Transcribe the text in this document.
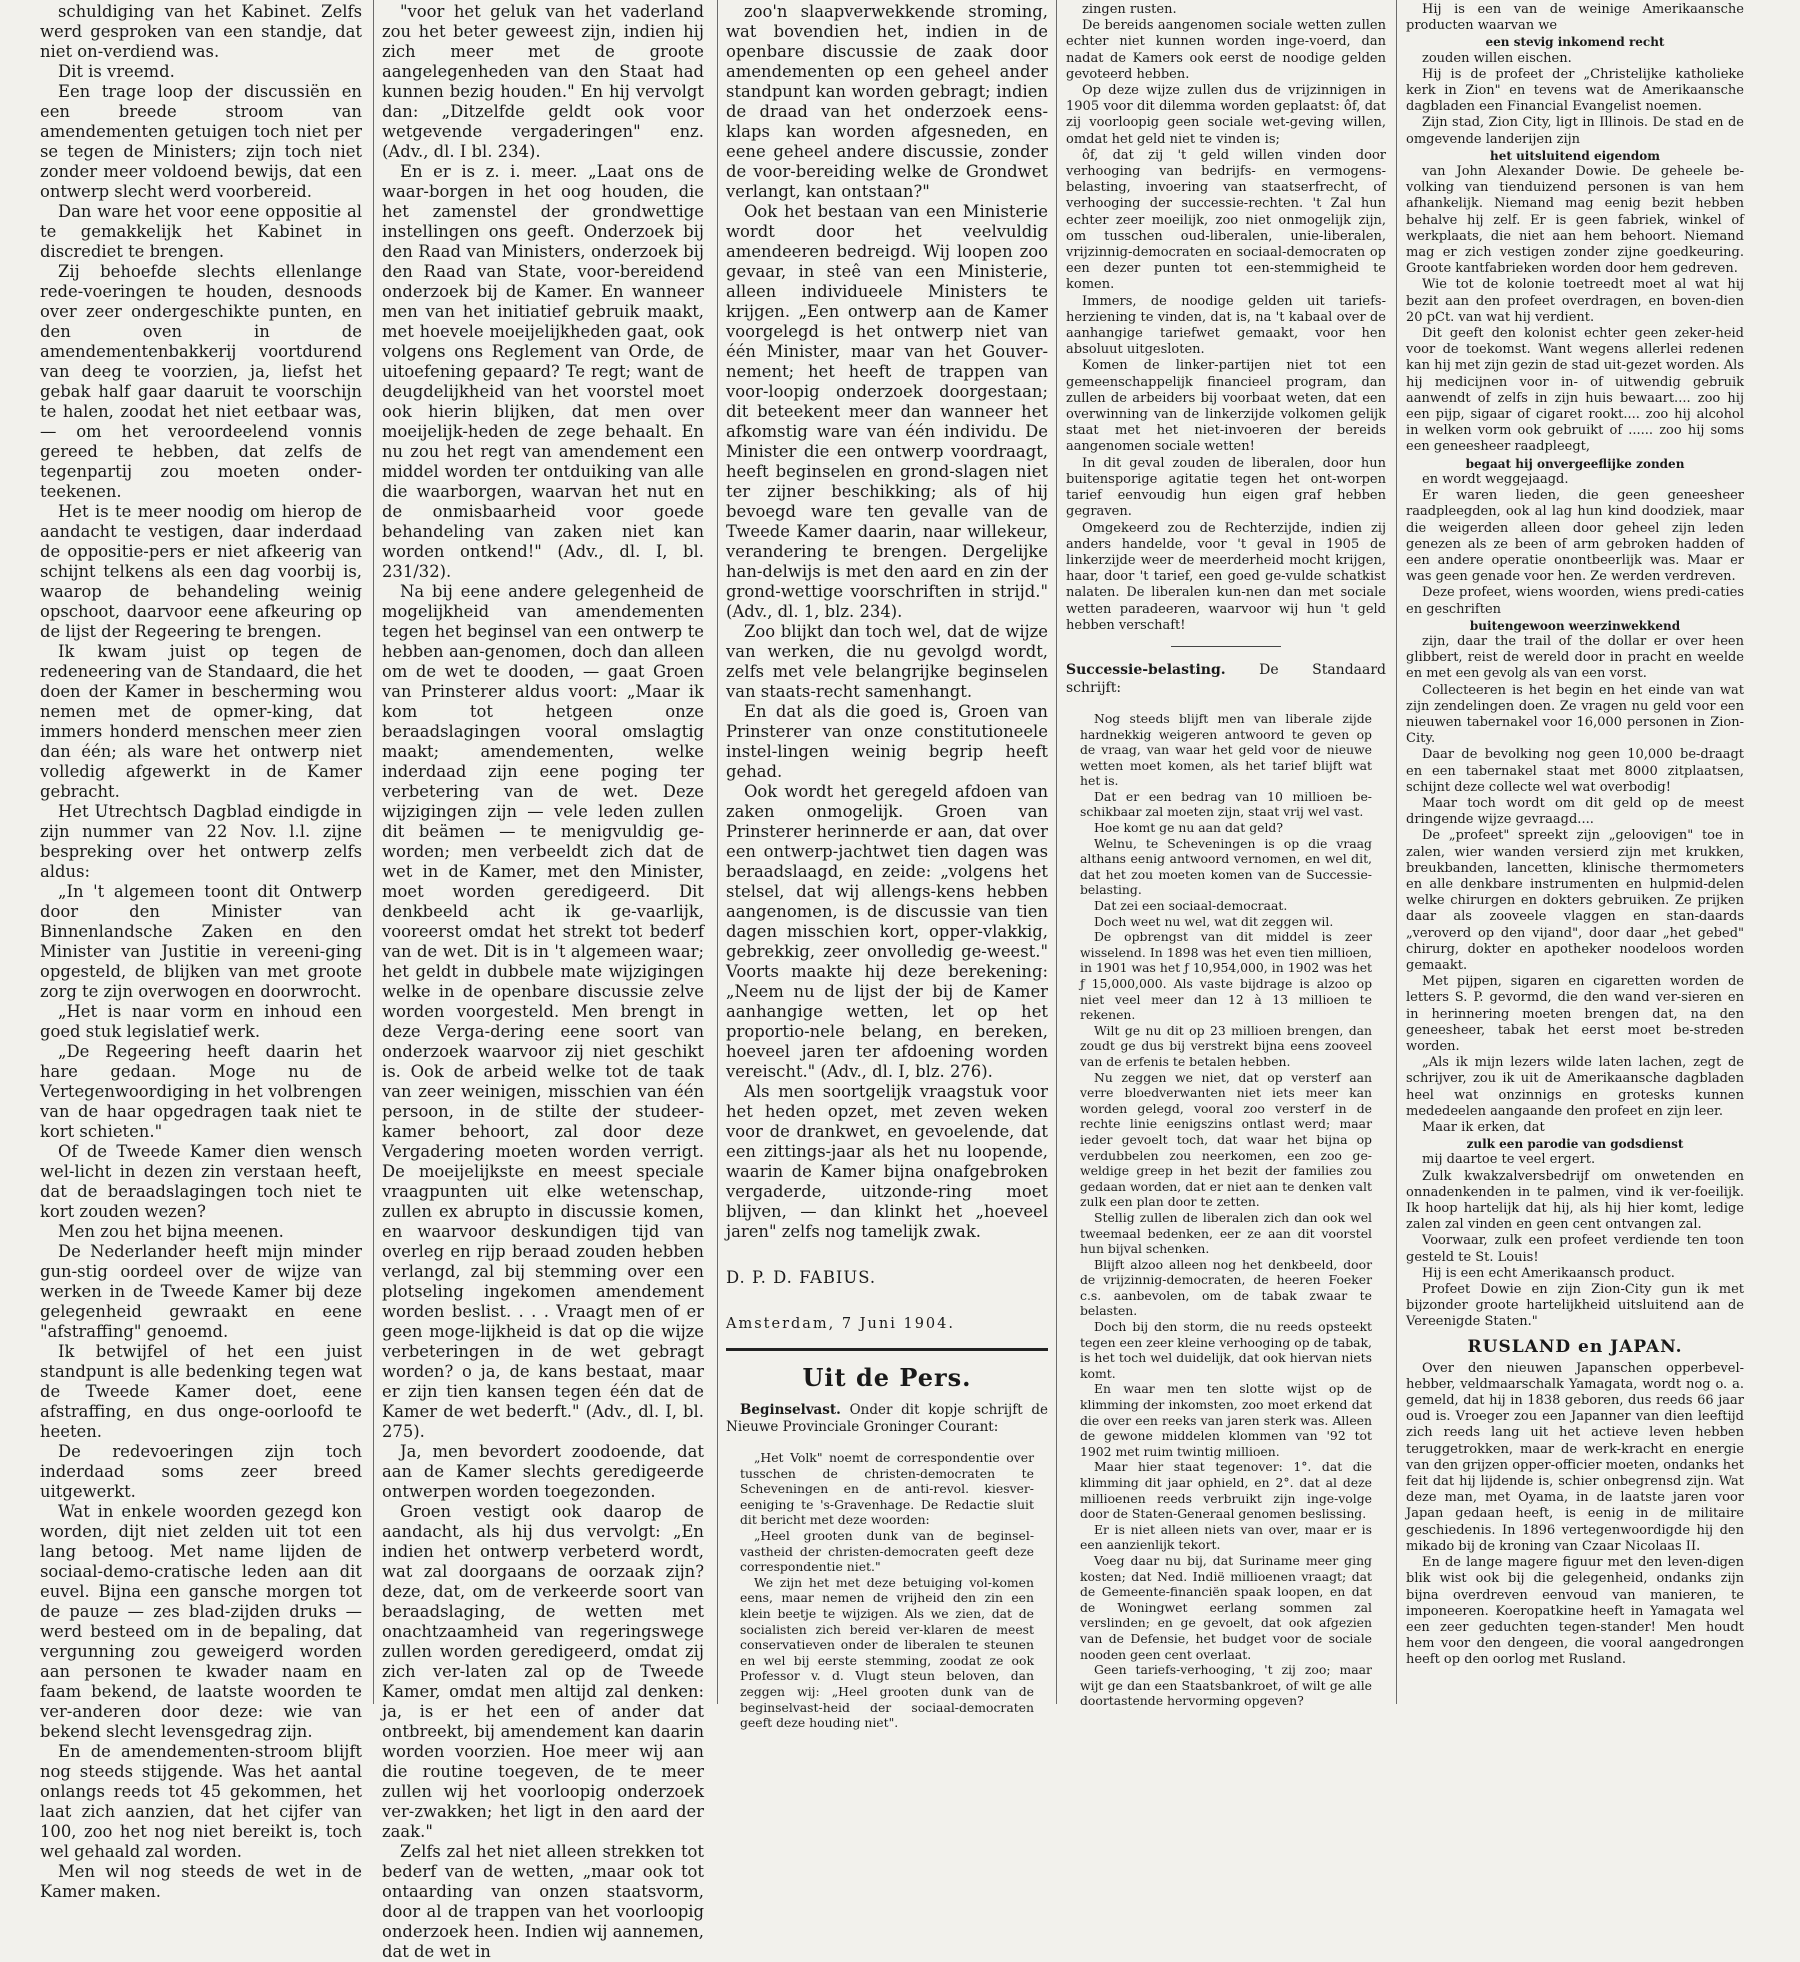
schuldiging van het Kabinet. Zelfs werd gesproken van een standje, dat niet on-verdiend was.

Dit is vreemd.

Een trage loop der discussiën en een breede stroom van amendementen getuigen toch niet per se tegen de Ministers; zijn toch niet zonder meer voldoend bewijs, dat een ontwerp slecht werd voorbereid.

Dan ware het voor eene oppositie al te gemakkelijk het Kabinet in discrediet te brengen.

Zij behoefde slechts ellenlange rede-voeringen te houden, desnoods over zeer ondergeschikte punten, en den oven in de amendementenbakkerij voortdurend van deeg te voorzien, ja, liefst het gebak half gaar daaruit te voorschijn te halen, zoodat het niet eetbaar was, — om het veroordeelend vonnis gereed te hebben, dat zelfs de tegenpartij zou moeten onder-teekenen.

Het is te meer noodig om hierop de aandacht te vestigen, daar inderdaad de oppositie-pers er niet afkeerig van schijnt telkens als een dag voorbij is, waarop de behandeling weinig opschoot, daarvoor eene afkeuring op de lijst der Regeering te brengen.

Ik kwam juist op tegen de redeneering van de Standaard, die het doen der Kamer in bescherming wou nemen met de opmer-king, dat immers honderd menschen meer zien dan één; als ware het ontwerp niet volledig afgewerkt in de Kamer gebracht.

Het Utrechtsch Dagblad eindigde in zijn nummer van 22 Nov. l.l. zijne bespreking over het ontwerp zelfs aldus:

„In 't algemeen toont dit Ontwerp door den Minister van Binnenlandsche Zaken en den Minister van Justitie in vereeni-ging opgesteld, de blijken van met groote zorg te zijn overwogen en doorwrocht.

„Het is naar vorm en inhoud een goed stuk legislatief werk.

„De Regeering heeft daarin het hare gedaan. Moge nu de Vertegenwoordiging in het volbrengen van de haar opgedragen taak niet te kort schieten."

Of de Tweede Kamer dien wensch wel-licht in dezen zin verstaan heeft, dat de beraadslagingen toch niet te kort zouden wezen?

Men zou het bijna meenen.

De Nederlander heeft mijn minder gun-stig oordeel over de wijze van werken in de Tweede Kamer bij deze gelegenheid gewraakt en eene "afstraffing" genoemd.

Ik betwijfel of het een juist standpunt is alle bedenking tegen wat de Tweede Kamer doet, eene afstraffing, en dus onge-oorloofd te heeten.

De redevoeringen zijn toch inderdaad soms zeer breed uitgewerkt.

Wat in enkele woorden gezegd kon worden, dijt niet zelden uit tot een lang betoog. Met name lijden de sociaal-demo-cratische leden aan dit euvel. Bijna een gansche morgen tot de pauze — zes blad-zijden druks — werd besteed om in de bepaling, dat vergunning zou geweigerd worden aan personen te kwader naam en faam bekend, de laatste woorden te ver-anderen door deze: wie van bekend slecht levensgedrag zijn.

En de amendementen-stroom blijft nog steeds stijgende. Was het aantal onlangs reeds tot 45 gekommen, het laat zich aanzien, dat het cijfer van 100, zoo het nog niet bereikt is, toch wel gehaald zal worden.

Men wil nog steeds de wet in de Kamer maken.

"voor het geluk van het vaderland zou het beter geweest zijn, indien hij zich meer met de groote aangelegenheden van den Staat had kunnen bezig houden." En hij vervolgt dan: „Ditzelfde geldt ook voor wetgevende vergaderingen" enz. (Adv., dl. I bl. 234).

En er is z. i. meer. „Laat ons de waar-borgen in het oog houden, die het zamenstel der grondwettige instellingen ons geeft. Onderzoek bij den Raad van Ministers, onderzoek bij den Raad van State, voor-bereidend onderzoek bij de Kamer. En wanneer men van het initiatief gebruik maakt, met hoevele moeijelijkheden gaat, ook volgens ons Reglement van Orde, de uitoefening gepaard? Te regt; want de deugdelijkheid van het voorstel moet ook hierin blijken, dat men over moeijelijk-heden de zege behaalt. En nu zou het regt van amendement een middel worden ter ontduiking van alle die waarborgen, waarvan het nut en de onmisbaarheid voor goede behandeling van zaken niet kan worden ontkend!" (Adv., dl. I, bl. 231/32).

Na bij eene andere gelegenheid de mogelijkheid van amendementen tegen het beginsel van een ontwerp te hebben aan-genomen, doch dan alleen om de wet te dooden, — gaat Groen van Prinsterer aldus voort: „Maar ik kom tot hetgeen onze beraadslagingen vooral omslagtig maakt; amendementen, welke inderdaad zijn eene poging ter verbetering van de wet. Deze wijzigingen zijn — vele leden zullen dit beämen — te menigvuldig ge-worden; men verbeeldt zich dat de wet in de Kamer, met den Minister, moet worden geredigeerd. Dit denkbeeld acht ik ge-vaarlijk, vooreerst omdat het strekt tot bederf van de wet. Dit is in 't algemeen waar; het geldt in dubbele mate wijzigingen welke in de openbare discussie zelve worden voorgesteld. Men brengt in deze Verga-dering eene soort van onderzoek waarvoor zij niet geschikt is. Ook de arbeid welke tot de taak van zeer weinigen, misschien van één persoon, in de stilte der studeer-kamer behoort, zal door deze Vergadering moeten worden verrigt. De moeijelijkste en meest speciale vraagpunten uit elke wetenschap, zullen ex abrupto in discussie komen, en waarvoor deskundigen tijd van overleg en rijp beraad zouden hebben verlangd, zal bij stemming over een plotseling ingekomen amendement worden beslist. . . . Vraagt men of er geen moge-lijkheid is dat op die wijze verbeteringen in de wet gebragt worden? o ja, de kans bestaat, maar er zijn tien kansen tegen één dat de Kamer de wet bederft." (Adv., dl. I, bl. 275).

Ja, men bevordert zoodoende, dat aan de Kamer slechts geredigeerde ontwerpen worden toegezonden.

Groen vestigt ook daarop de aandacht, als hij dus vervolgt: „En indien het ontwerp verbeterd wordt, wat zal doorgaans de oorzaak zijn? deze, dat, om de verkeerde soort van beraadslaging, de wetten met onachtzaamheid van regeringswege zullen worden geredigeerd, omdat zij zich ver-laten zal op de Tweede Kamer, omdat men altijd zal denken: ja, is er het een of ander dat ontbreekt, bij amendement kan daarin worden voorzien. Hoe meer wij aan die routine toegeven, de te meer zullen wij het voorloopig onderzoek ver-zwakken; het ligt in den aard der zaak."

Zelfs zal het niet alleen strekken tot bederf van de wetten, „maar ook tot ontaarding van onzen staatsvorm, door al de trappen van het voorloopig onderzoek heen. Indien wij aannemen, dat de wet in

zoo'n slaapverwekkende stroming, wat bovendien het, indien in de openbare discussie de zaak door amendementen op een geheel ander standpunt kan worden gebragt; indien de draad van het onderzoek eens-klaps kan worden afgesneden, en eene geheel andere discussie, zonder de voor-bereiding welke de Grondwet verlangt, kan ontstaan?"

Ook het bestaan van een Ministerie wordt door het veelvuldig amendeeren bedreigd. Wij loopen zoo gevaar, in steê van een Ministerie, alleen individueele Ministers te krijgen. „Een ontwerp aan de Kamer voorgelegd is het ontwerp niet van één Minister, maar van het Gouver-nement; het heeft de trappen van voor-loopig onderzoek doorgestaan; dit beteekent meer dan wanneer het afkomstig ware van één individu. De Minister die een ontwerp voordraagt, heeft beginselen en grond-slagen niet ter zijner beschikking; als of hij bevoegd ware ten gevalle van de Tweede Kamer daarin, naar willekeur, verandering te brengen. Dergelijke han-delwijs is met den aard en zin der grond-wettige voorschriften in strijd." (Adv., dl. 1, blz. 234).

Zoo blijkt dan toch wel, dat de wijze van werken, die nu gevolgd wordt, zelfs met vele belangrijke beginselen van staats-recht samenhangt.

En dat als die goed is, Groen van Prinsterer van onze constitutioneele instel-lingen weinig begrip heeft gehad.

Ook wordt het geregeld afdoen van zaken onmogelijk. Groen van Prinsterer herinnerde er aan, dat over een ontwerp-jachtwet tien dagen was beraadslaagd, en zeide: „volgens het stelsel, dat wij allengs-kens hebben aangenomen, is de discussie van tien dagen misschien kort, opper-vlakkig, gebrekkig, zeer onvolledig ge-weest." Voorts maakte hij deze berekening: „Neem nu de lijst der bij de Kamer aanhangige wetten, let op het proportio-nele belang, en bereken, hoeveel jaren ter afdoening worden vereischt." (Adv., dl. I, blz. 276).

Als men soortgelijk vraagstuk voor het heden opzet, met zeven weken voor de drankwet, en gevoelende, dat een zittings-jaar als het nu loopende, waarin de Kamer bijna onafgebroken vergaderde, uitzonde-ring moet blijven, — dan klinkt het „hoeveel jaren" zelfs nog tamelijk zwak.

D. P. D. FABIUS.

Amsterdam, 7 Juni 1904.

Uit de Pers.

Beginselvast. Onder dit kopje schrijft de Nieuwe Provinciale Groninger Courant:

„Het Volk" noemt de correspondentie over tusschen de christen-democraten te Scheveningen en de anti-revol. kiesver-eeniging te 's-Gravenhage. De Redactie sluit dit bericht met deze woorden:

„Heel grooten dunk van de beginsel-vastheid der christen-democraten geeft deze correspondentie niet."

We zijn het met deze betuiging vol-komen eens, maar nemen de vrijheid den zin een klein beetje te wijzigen. Als we zien, dat de socialisten zich bereid ver-klaren de meest conservatieven onder de liberalen te steunen en wel bij eerste stemming, zoodat ze ook Professor v. d. Vlugt steun beloven, dan zeggen wij: „Heel grooten dunk van de beginselvast-heid der sociaal-democraten geeft deze houding niet".

zingen rusten.

De bereids aangenomen sociale wetten zullen echter niet kunnen worden inge-voerd, dan nadat de Kamers ook eerst de noodige gelden gevoteerd hebben.

Op deze wijze zullen dus de vrijzinnigen in 1905 voor dit dilemma worden geplaatst: ôf, dat zij voorloopig geen sociale wet-geving willen, omdat het geld niet te vinden is;

ôf, dat zij 't geld willen vinden door verhooging van bedrijfs- en vermogens-belasting, invoering van staatserfrecht, of verhooging der successie-rechten. 't Zal hun echter zeer moeilijk, zoo niet onmogelijk zijn, om tusschen oud-liberalen, unie-liberalen, vrijzinnig-democraten en sociaal-democraten op een dezer punten tot een-stemmigheid te komen.

Immers, de noodige gelden uit tariefs-herziening te vinden, dat is, na 't kabaal over de aanhangige tariefwet gemaakt, voor hen absoluut uitgesloten.

Komen de linker-partijen niet tot een gemeenschappelijk financieel program, dan zullen de arbeiders bij voorbaat weten, dat een overwinning van de linkerzijde volkomen gelijk staat met het niet-invoeren der bereids aangenomen sociale wetten!

In dit geval zouden de liberalen, door hun buitensporige agitatie tegen het ont-worpen tarief eenvoudig hun eigen graf hebben gegraven.

Omgekeerd zou de Rechterzijde, indien zij anders handelde, voor 't geval in 1905 de linkerzijde weer de meerderheid mocht krijgen, haar, door 't tarief, een goed ge-vulde schatkist nalaten. De liberalen kun-nen dan met sociale wetten paradeeren, waarvoor wij hun 't geld hebben verschaft!

Successie-belasting. De Standaard schrijft:

Nog steeds blijft men van liberale zijde hardnekkig weigeren antwoord te geven op de vraag, van waar het geld voor de nieuwe wetten moet komen, als het tarief blijft wat het is.

Dat er een bedrag van 10 millioen be-schikbaar zal moeten zijn, staat vrij wel vast.

Hoe komt ge nu aan dat geld?

Welnu, te Scheveningen is op die vraag althans eenig antwoord vernomen, en wel dit, dat het zou moeten komen van de Successie-belasting.

Dat zei een sociaal-democraat.

Doch weet nu wel, wat dit zeggen wil.

De opbrengst van dit middel is zeer wisselend. In 1898 was het even tien millioen, in 1901 was het ƒ 10,954,000, in 1902 was het ƒ 15,000,000. Als vaste bijdrage is alzoo op niet veel meer dan 12 à 13 millioen te rekenen.

Wilt ge nu dit op 23 millioen brengen, dan zoudt ge dus bij verstrekt bijna eens zooveel van de erfenis te betalen hebben.

Nu zeggen we niet, dat op versterf aan verre bloedverwanten niet iets meer kan worden gelegd, vooral zoo versterf in de rechte linie eenigszins ontlast werd; maar ieder gevoelt toch, dat waar het bijna op verdubbelen zou neerkomen, een zoo ge-weldige greep in het bezit der families zou gedaan worden, dat er niet aan te denken valt zulk een plan door te zetten.

Stellig zullen de liberalen zich dan ook wel tweemaal bedenken, eer ze aan dit voorstel hun bijval schenken.

Blijft alzoo alleen nog het denkbeeld, door de vrijzinnig-democraten, de heeren Foeker c.s. aanbevolen, om de tabak zwaar te belasten.

Doch bij den storm, die nu reeds opsteekt tegen een zeer kleine verhooging op de tabak, is het toch wel duidelijk, dat ook hiervan niets komt.

En waar men ten slotte wijst op de klimming der inkomsten, zoo moet erkend dat die over een reeks van jaren sterk was. Alleen de gewone middelen klommen van '92 tot 1902 met ruim twintig millioen.

Maar hier staat tegenover: 1°. dat die klimming dit jaar ophield, en 2°. dat al deze millioenen reeds verbruikt zijn inge-volge door de Staten-Generaal genomen beslissing.

Er is niet alleen niets van over, maar er is een aanzienlijk tekort.

Voeg daar nu bij, dat Suriname meer ging kosten; dat Ned. Indië millioenen vraagt; dat de Gemeente-financiën spaak loopen, en dat de Woningwet eerlang sommen zal verslinden; en ge gevoelt, dat ook afgezien van de Defensie, het budget voor de sociale nooden geen cent overlaat.

Geen tariefs-verhooging, 't zij zoo; maar wijt ge dan een Staatsbankroet, of wilt ge alle doortastende hervorming opgeven?

Hij is een van de weinige Amerikaansche producten waarvan we

een stevig inkomend recht

zouden willen eischen.

Hij is de profeet der „Christelijke katholieke kerk in Zion" en tevens wat de Amerikaansche dagbladen een Financial Evangelist noemen.

Zijn stad, Zion City, ligt in Illinois. De stad en de omgevende landerijen zijn

het uitsluitend eigendom

van John Alexander Dowie. De geheele be-volking van tienduizend personen is van hem afhankelijk. Niemand mag eenig bezit hebben behalve hij zelf. Er is geen fabriek, winkel of werkplaats, die niet aan hem behoort. Niemand mag er zich vestigen zonder zijne goedkeuring. Groote kantfabrieken worden door hem gedreven.

Wie tot de kolonie toetreedt moet al wat hij bezit aan den profeet overdragen, en boven-dien 20 pCt. van wat hij verdient.

Dit geeft den kolonist echter geen zeker-heid voor de toekomst. Want wegens allerlei redenen kan hij met zijn gezin de stad uit-gezet worden. Als hij medicijnen voor in- of uitwendig gebruik aanwendt of zelfs in zijn huis bewaart.... zoo hij een pijp, sigaar of cigaret rookt.... zoo hij alcohol in welken vorm ook gebruikt of ...... zoo hij soms een geneesheer raadpleegt,

begaat hij onvergeeflijke zonden

en wordt weggejaagd.

Er waren lieden, die geen geneesheer raadpleegden, ook al lag hun kind doodziek, maar die weigerden alleen door geheel zijn leden genezen als ze been of arm gebroken hadden of een andere operatie onontbeerlijk was. Maar er was geen genade voor hen. Ze werden verdreven.

Deze profeet, wiens woorden, wiens predi-caties en geschriften

buitengewoon weerzinwekkend

zijn, daar the trail of the dollar er over heen glibbert, reist de wereld door in pracht en weelde en met een gevolg als van een vorst.

Collecteeren is het begin en het einde van wat zijn zendelingen doen. Ze vragen nu geld voor een nieuwen tabernakel voor 16,000 personen in Zion-City.

Daar de bevolking nog geen 10,000 be-draagt en een tabernakel staat met 8000 zitplaatsen, schijnt deze collecte wel wat overbodig!

Maar toch wordt om dit geld op de meest dringende wijze gevraagd....

De „profeet" spreekt zijn „geloovigen" toe in zalen, wier wanden versierd zijn met krukken, breukbanden, lancetten, klinische thermometers en alle denkbare instrumenten en hulpmid-delen welke chirurgen en dokters gebruiken. Ze prijken daar als zooveele vlaggen en stan-daards „veroverd op den vijand", door daar „het gebed" chirurg, dokter en apotheker noodeloos worden gemaakt.

Met pijpen, sigaren en cigaretten worden de letters S. P. gevormd, die den wand ver-sieren en in herinnering moeten brengen dat, na den geneesheer, tabak het eerst moet be-streden worden.

„Als ik mijn lezers wilde laten lachen, zegt de schrijver, zou ik uit de Amerikaansche dagbladen heel wat onzinnigs en grotesks kunnen mededeelen aangaande den profeet en zijn leer.

Maar ik erken, dat

zulk een parodie van godsdienst

mij daartoe te veel ergert.

Zulk kwakzalversbedrijf om onwetenden en onnadenkenden in te palmen, vind ik ver-foeilijk. Ik hoop hartelijk dat hij, als hij hier komt, ledige zalen zal vinden en geen cent ontvangen zal.

Voorwaar, zulk een profeet verdiende ten toon gesteld te St. Louis!

Hij is een echt Amerikaansch product.

Profeet Dowie en zijn Zion-City gun ik met bijzonder groote hartelijkheid uitsluitend aan de Vereenigde Staten."

RUSLAND en JAPAN.

Over den nieuwen Japanschen opperbevel-hebber, veldmaarschalk Yamagata, wordt nog o. a. gemeld, dat hij in 1838 geboren, dus reeds 66 jaar oud is. Vroeger zou een Japanner van dien leeftijd zich reeds lang uit het actieve leven hebben teruggetrokken, maar de werk-kracht en energie van den grijzen opper-officier moeten, ondanks het feit dat hij lijdende is, schier onbegrensd zijn. Wat deze man, met Oyama, in de laatste jaren voor Japan gedaan heeft, is eenig in de militaire geschiedenis. In 1896 vertegenwoordigde hij den mikado bij de kroning van Czaar Nicolaas II.

En de lange magere figuur met den leven-digen blik wist ook bij die gelegenheid, ondanks zijn bijna overdreven eenvoud van manieren, te imponeeren. Koeropatkine heeft in Yamagata wel een zeer geduchten tegen-stander! Men houdt hem voor den dengeen, die vooral aangedrongen heeft op den oorlog met Rusland.
